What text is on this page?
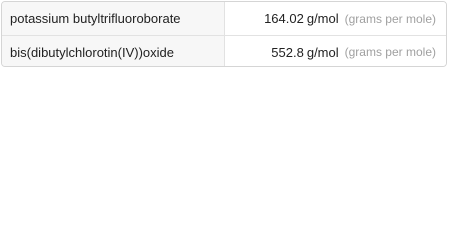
potassium butyltrifluoroborate	164.02 g/mol (grams per mole)
bis(dibutylchlorotin(IV))oxide	552.8 g/mol (grams per mole)
